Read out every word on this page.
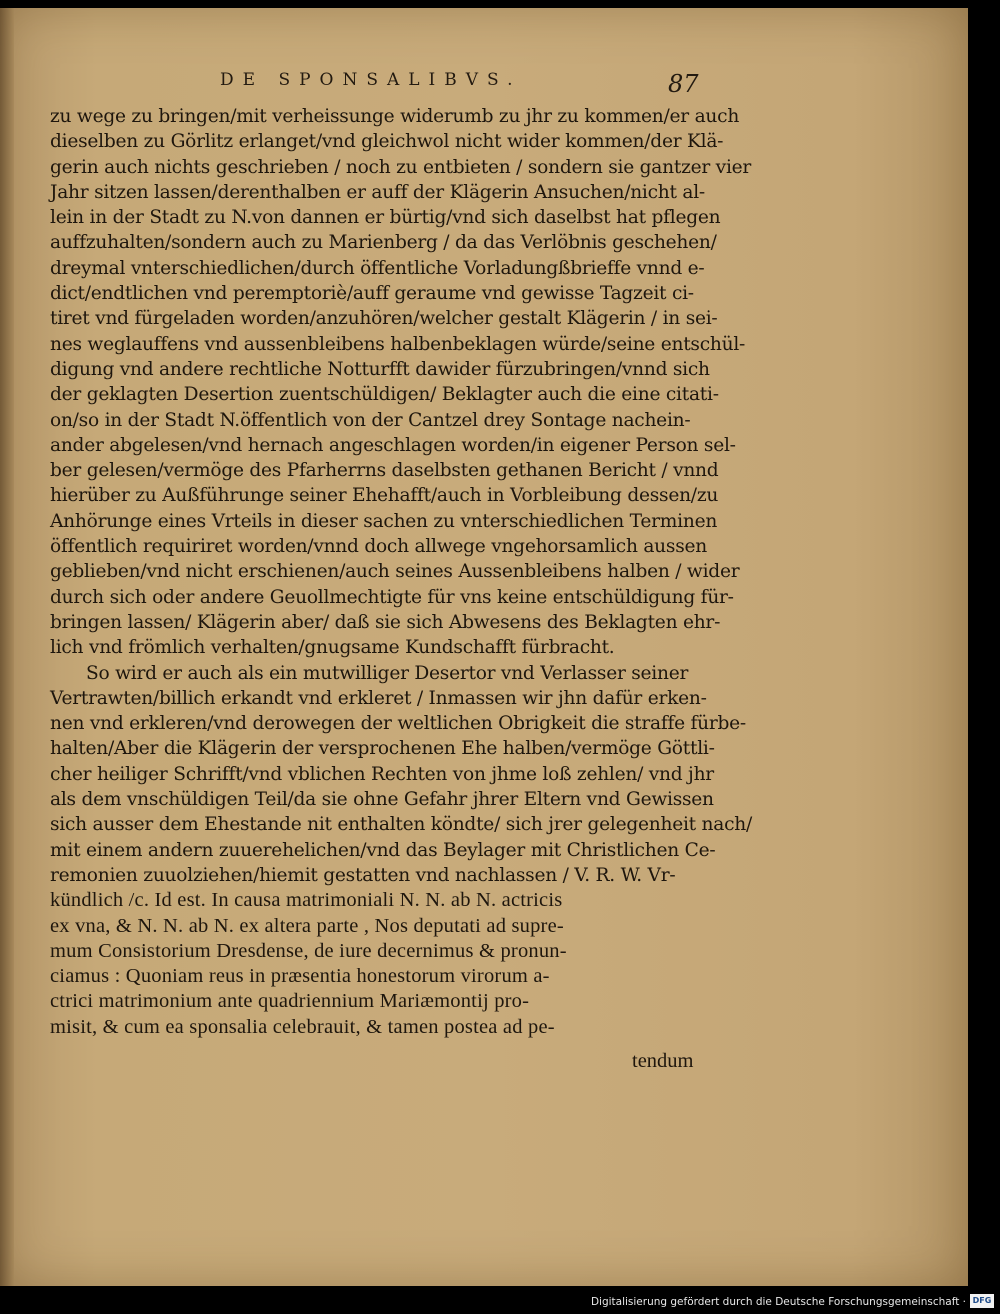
DE SPONSALIBVS.	87
zu wege zu bringen/mit verheissunge widerumb zu jhr zu kommen/er auch
dieselben zu Görlitz erlanget/vnd gleichwol nicht wider kommen/der Klä-
gerin auch nichts geschrieben / noch zu entbieten / sondern sie gantzer vier
Jahr sitzen lassen/derenthalben er auff der Klägerin Ansuchen/nicht al-
lein in der Stadt zu N.von dannen er bürtig/vnd sich daselbst hat pflegen
auffzuhalten/sondern auch zu Marienberg / da das Verlöbnis geschehen/
dreymal vnterschiedlichen/durch öffentliche Vorladungßbrieffe vnnd e-
dict/endtlichen vnd peremptoriè/auff geraume vnd gewisse Tagzeit ci-
tiret vnd fürgeladen worden/anzuhören/welcher gestalt Klägerin / in sei-
nes weglauffens vnd aussenbleibens halbenbeklagen würde/seine entschül-
digung vnd andere rechtliche Notturfft dawider fürzubringen/vnnd sich
der geklagten Desertion zuentschüldigen/ Beklagter auch die eine citati-
on/so in der Stadt N.öffentlich von der Cantzel drey Sontage nachein-
ander abgelesen/vnd hernach angeschlagen worden/in eigener Person sel-
ber gelesen/vermöge des Pfarherrns daselbsten gethanen Bericht / vnnd
hierüber zu Außführunge seiner Ehehafft/auch in Vorbleibung dessen/zu
Anhörunge eines Vrteils in dieser sachen zu vnterschiedlichen Terminen
öffentlich requiriret worden/vnnd doch allwege vngehorsamlich aussen
geblieben/vnd nicht erschienen/auch seines Aussenbleibens halben / wider
durch sich oder andere Geuollmechtigte für vns keine entschüldigung für-
bringen lassen/ Klägerin aber/ daß sie sich Abwesens des Beklagten ehr-
lich vnd frömlich verhalten/gnugsame Kundschafft fürbracht.
So wird er auch als ein mutwilliger Desertor vnd Verlasser seiner
Vertrawten/billich erkandt vnd erkleret / Inmassen wir jhn dafür erken-
nen vnd erkleren/vnd derowegen der weltlichen Obrigkeit die straffe fürbe-
halten/Aber die Klägerin der versprochenen Ehe halben/vermöge Göttli-
cher heiliger Schrifft/vnd vblichen Rechten von jhme loß zehlen/ vnd jhr
als dem vnschüldigen Teil/da sie ohne Gefahr jhrer Eltern vnd Gewissen
sich ausser dem Ehestande nit enthalten köndte/ sich jrer gelegenheit nach/
mit einem andern zuuerehelichen/vnd das Beylager mit Christlichen Ce-
remonien zuuolziehen/hiemit gestatten vnd nachlassen / V. R. W. Vr-
kündlich /c. Id est. In causa matrimoniali N. N. ab N. actricis
ex vna, & N. N. ab N. ex altera parte , Nos deputati ad supre-
mum Consistorium Dresdense, de iure decernimus & pronun-
ciamus : Quoniam reus in præsentia honestorum virorum a-
ctrici matrimonium ante quadriennium Mariæmontij pro-
misit, & cum ea sponsalia celebrauit, & tamen postea ad pe-
tendum
Digitalisierung gefördert durch die Deutsche Forschungsgemeinschaft · DFG
